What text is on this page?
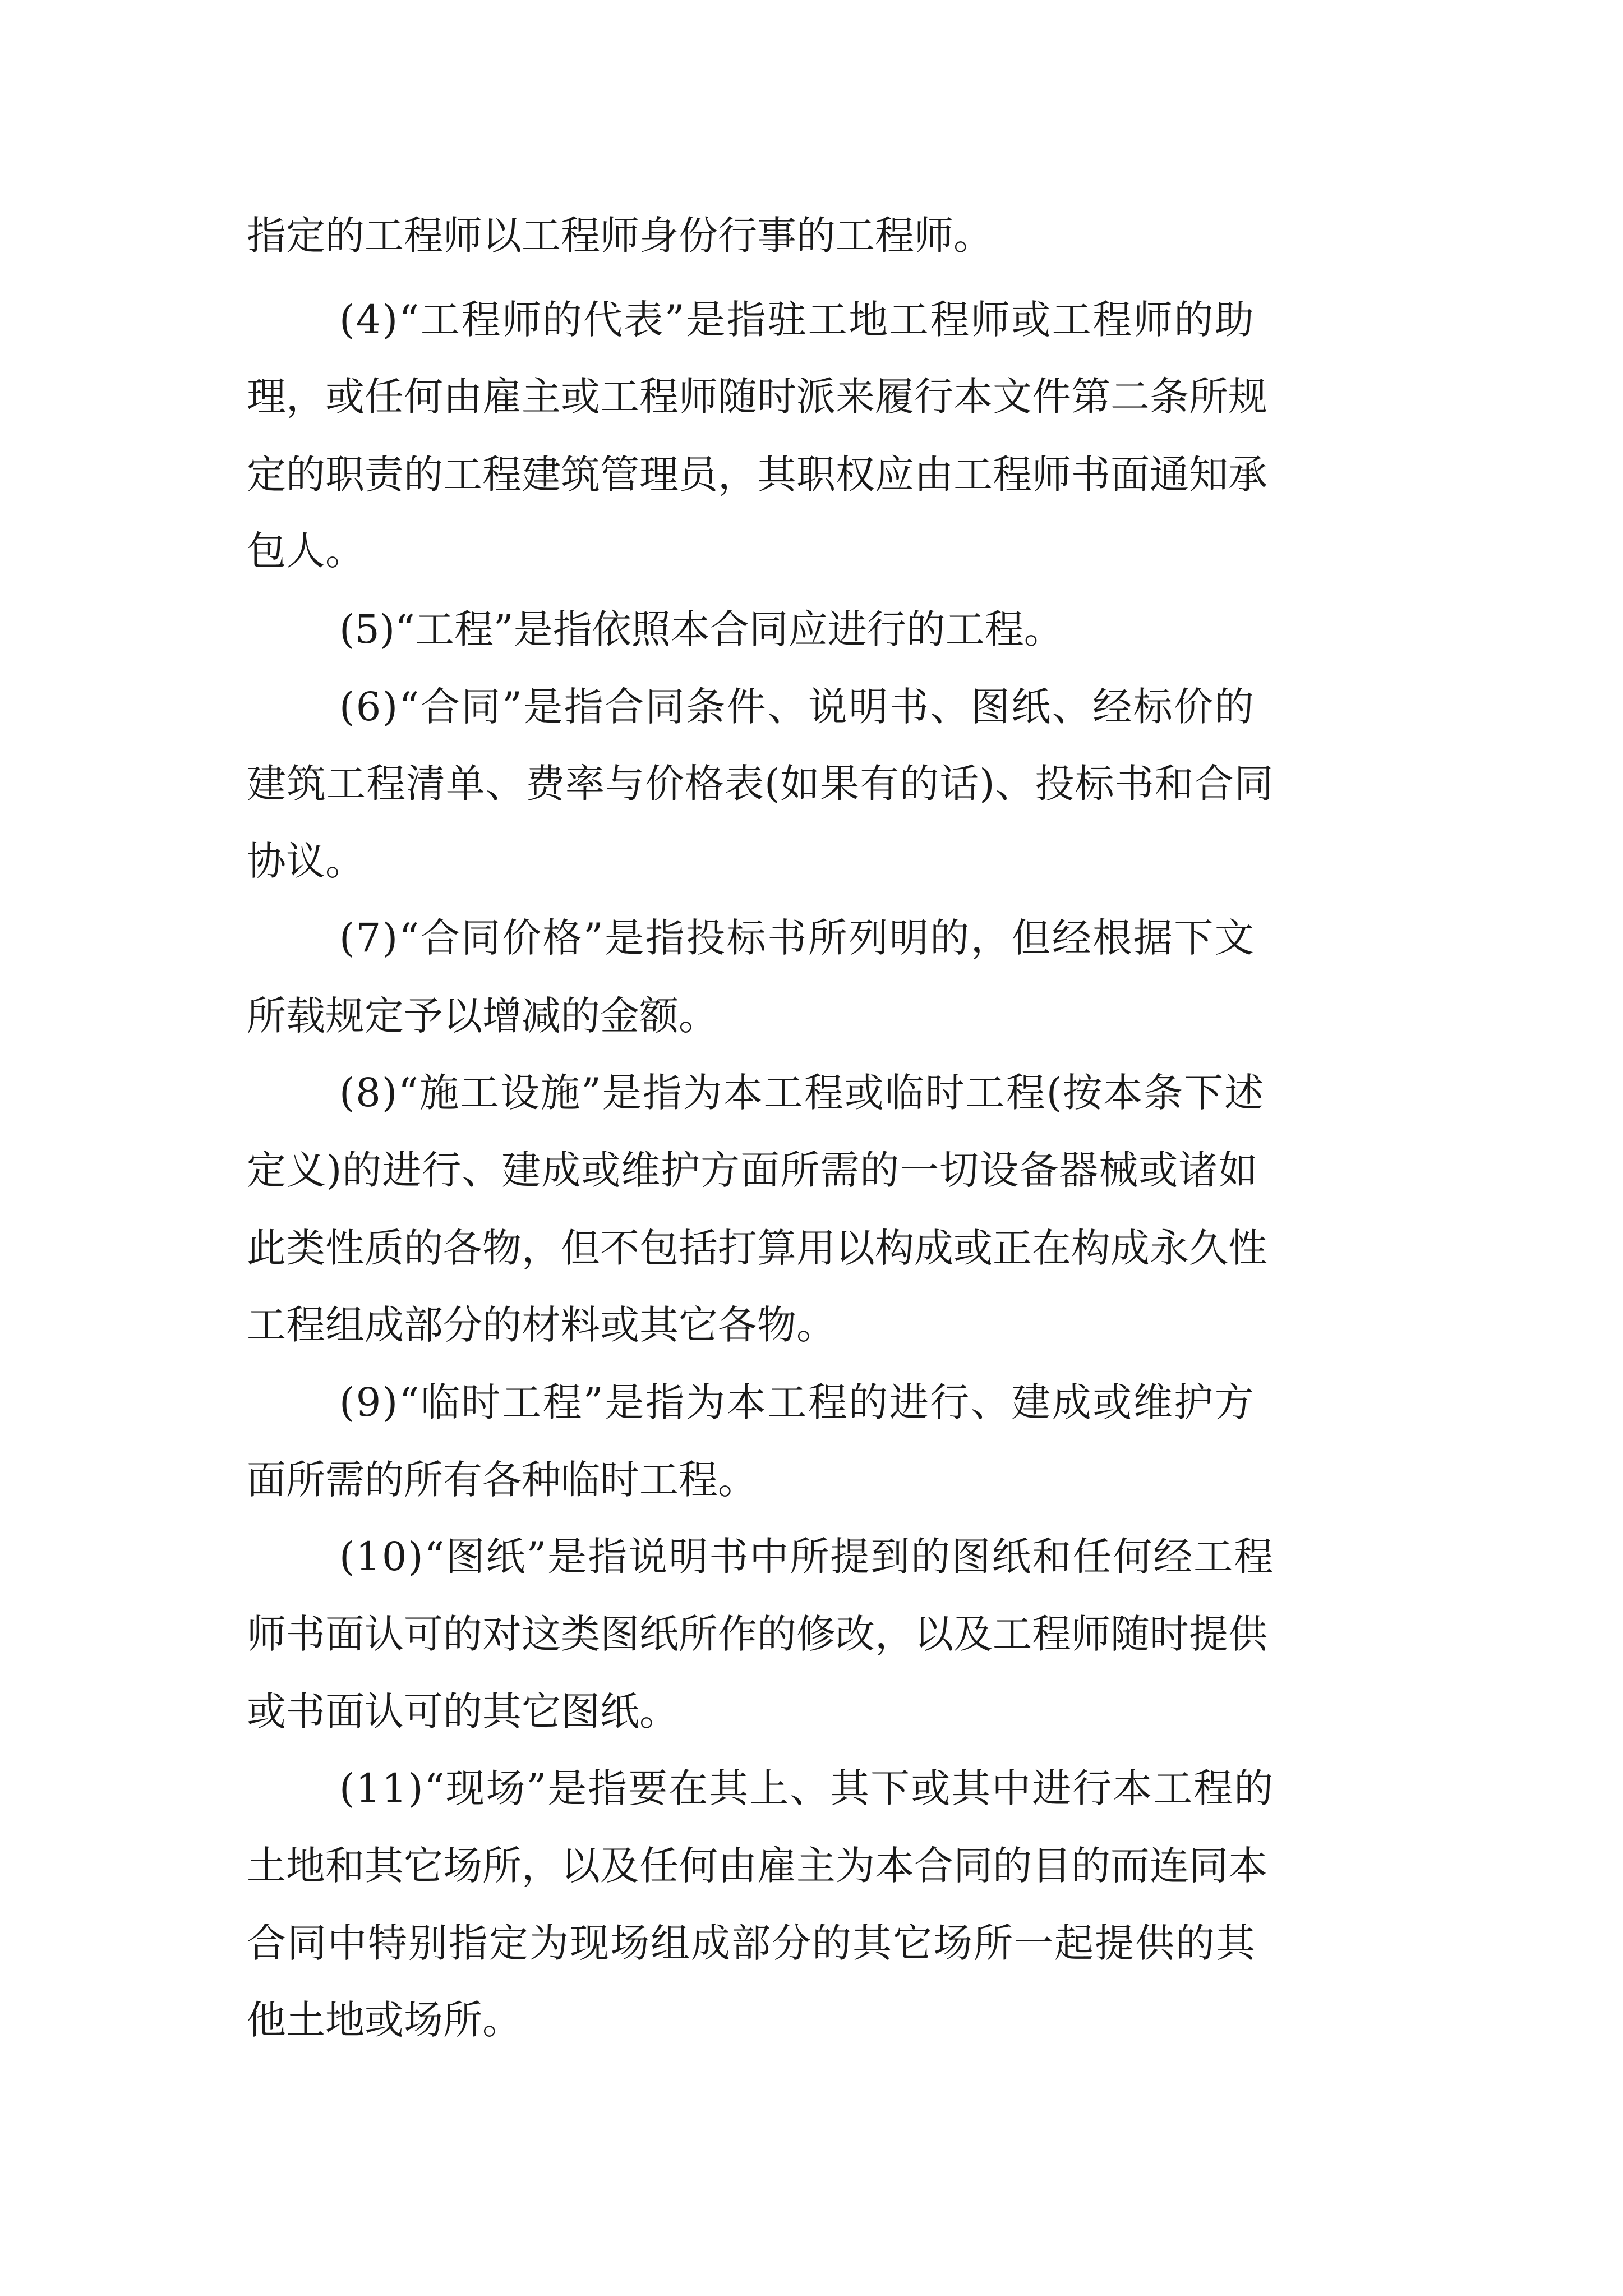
指定的工程师以工程师身份行事的工程师。
(4)“工程师的代表”是指驻工地工程师或工程师的助
理，或任何由雇主或工程师随时派来履行本文件第二条所规
定的职责的工程建筑管理员，其职权应由工程师书面通知承
包人。
(5)“工程”是指依照本合同应进行的工程。
(6)“合同”是指合同条件、说明书、图纸、经标价的
建筑工程清单、费率与价格表(如果有的话)、投标书和合同
协议。
(7)“合同价格”是指投标书所列明的，但经根据下文
所载规定予以增减的金额。
(8)“施工设施”是指为本工程或临时工程(按本条下述
定义)的进行、建成或维护方面所需的一切设备器械或诸如
此类性质的各物，但不包括打算用以构成或正在构成永久性
工程组成部分的材料或其它各物。
(9)“临时工程”是指为本工程的进行、建成或维护方
面所需的所有各种临时工程。
(10)“图纸”是指说明书中所提到的图纸和任何经工程
师书面认可的对这类图纸所作的修改，以及工程师随时提供
或书面认可的其它图纸。
(11)“现场”是指要在其上、其下或其中进行本工程的
土地和其它场所，以及任何由雇主为本合同的目的而连同本
合同中特别指定为现场组成部分的其它场所一起提供的其
他土地或场所。
